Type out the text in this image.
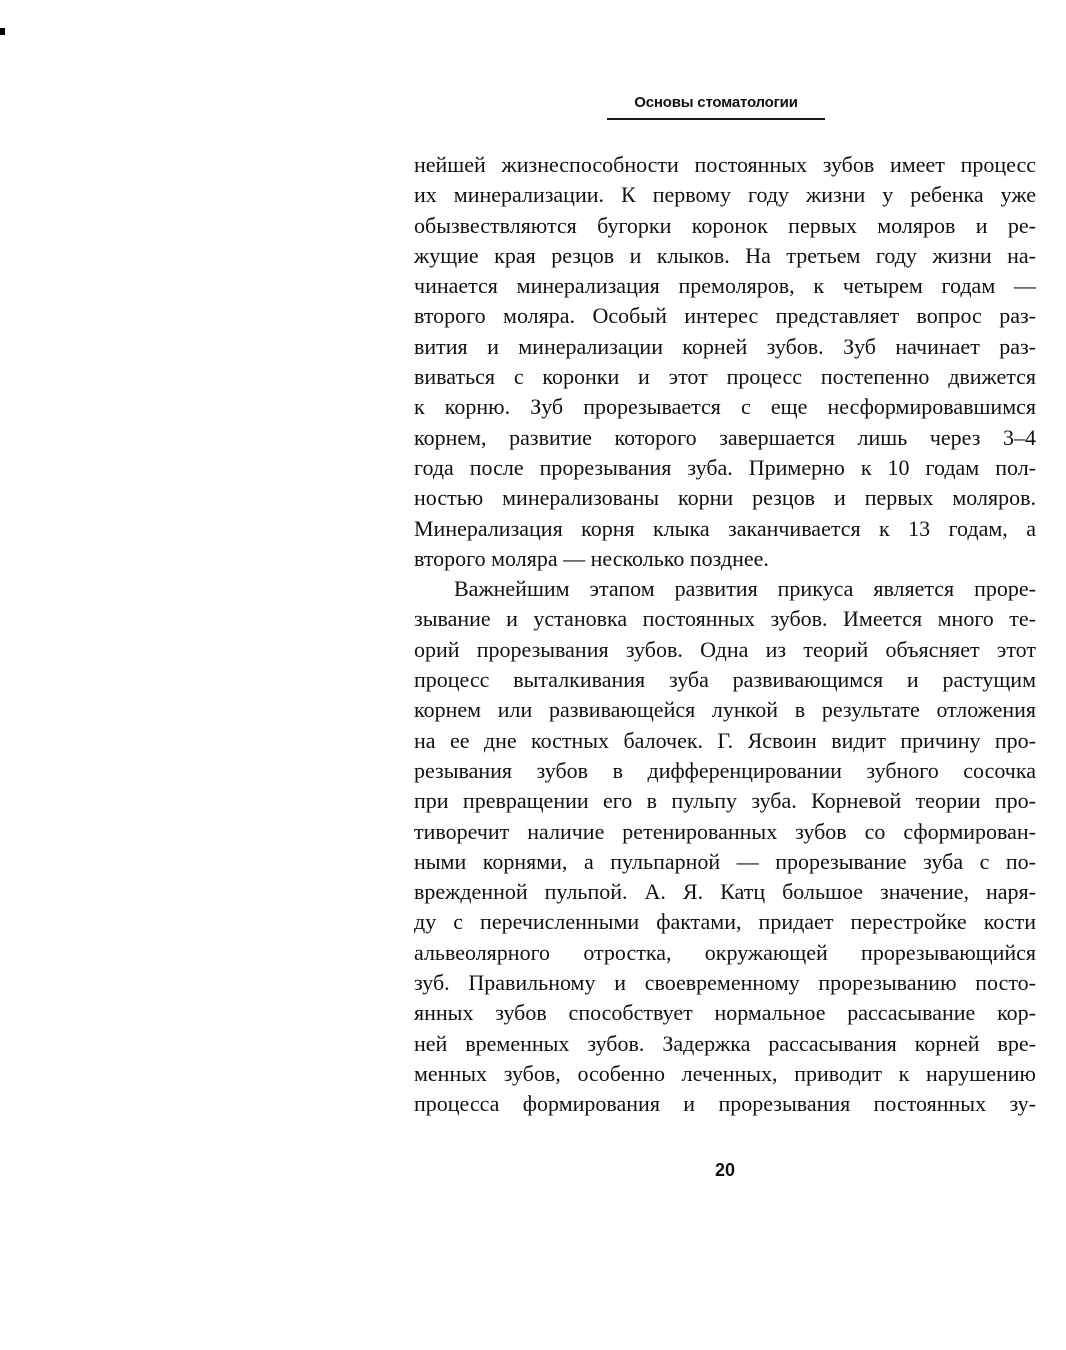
Основы стоматологии
нейшей жизнеспособности постоянных зубов имеет процесс
их минерализации. К первому году жизни у ребенка уже
обызвествляются бугорки коронок первых моляров и ре-
жущие края резцов и клыков. На третьем году жизни на-
чинается минерализация премоляров, к четырем годам —
второго моляра. Особый интерес представляет вопрос раз-
вития и минерализации корней зубов. Зуб начинает раз-
виваться с коронки и этот процесс постепенно движется
к корню. Зуб прорезывается с еще несформировавшимся
корнем, развитие которого завершается лишь через 3–4
года после прорезывания зуба. Примерно к 10 годам пол-
ностью минерализованы корни резцов и первых моляров.
Минерализация корня клыка заканчивается к 13 годам, а
второго моляра — несколько позднее.
Важнейшим этапом развития прикуса является проре-
зывание и установка постоянных зубов. Имеется много те-
орий прорезывания зубов. Одна из теорий объясняет этот
процесс выталкивания зуба развивающимся и растущим
корнем или развивающейся лункой в результате отложения
на ее дне костных балочек. Г. Ясвоин видит причину про-
резывания зубов в дифференцировании зубного сосочка
при превращении его в пульпу зуба. Корневой теории про-
тиворечит наличие ретенированных зубов со сформирован-
ными корнями, а пульпарной — прорезывание зуба с по-
врежденной пульпой. А. Я. Катц большое значение, наря-
ду с перечисленными фактами, придает перестройке кости
альвеолярного отростка, окружающей прорезывающийся
зуб. Правильному и своевременному прорезыванию посто-
янных зубов способствует нормальное рассасывание кор-
ней временных зубов. Задержка рассасывания корней вре-
менных зубов, особенно леченных, приводит к нарушению
процесса формирования и прорезывания постоянных зу-
20
